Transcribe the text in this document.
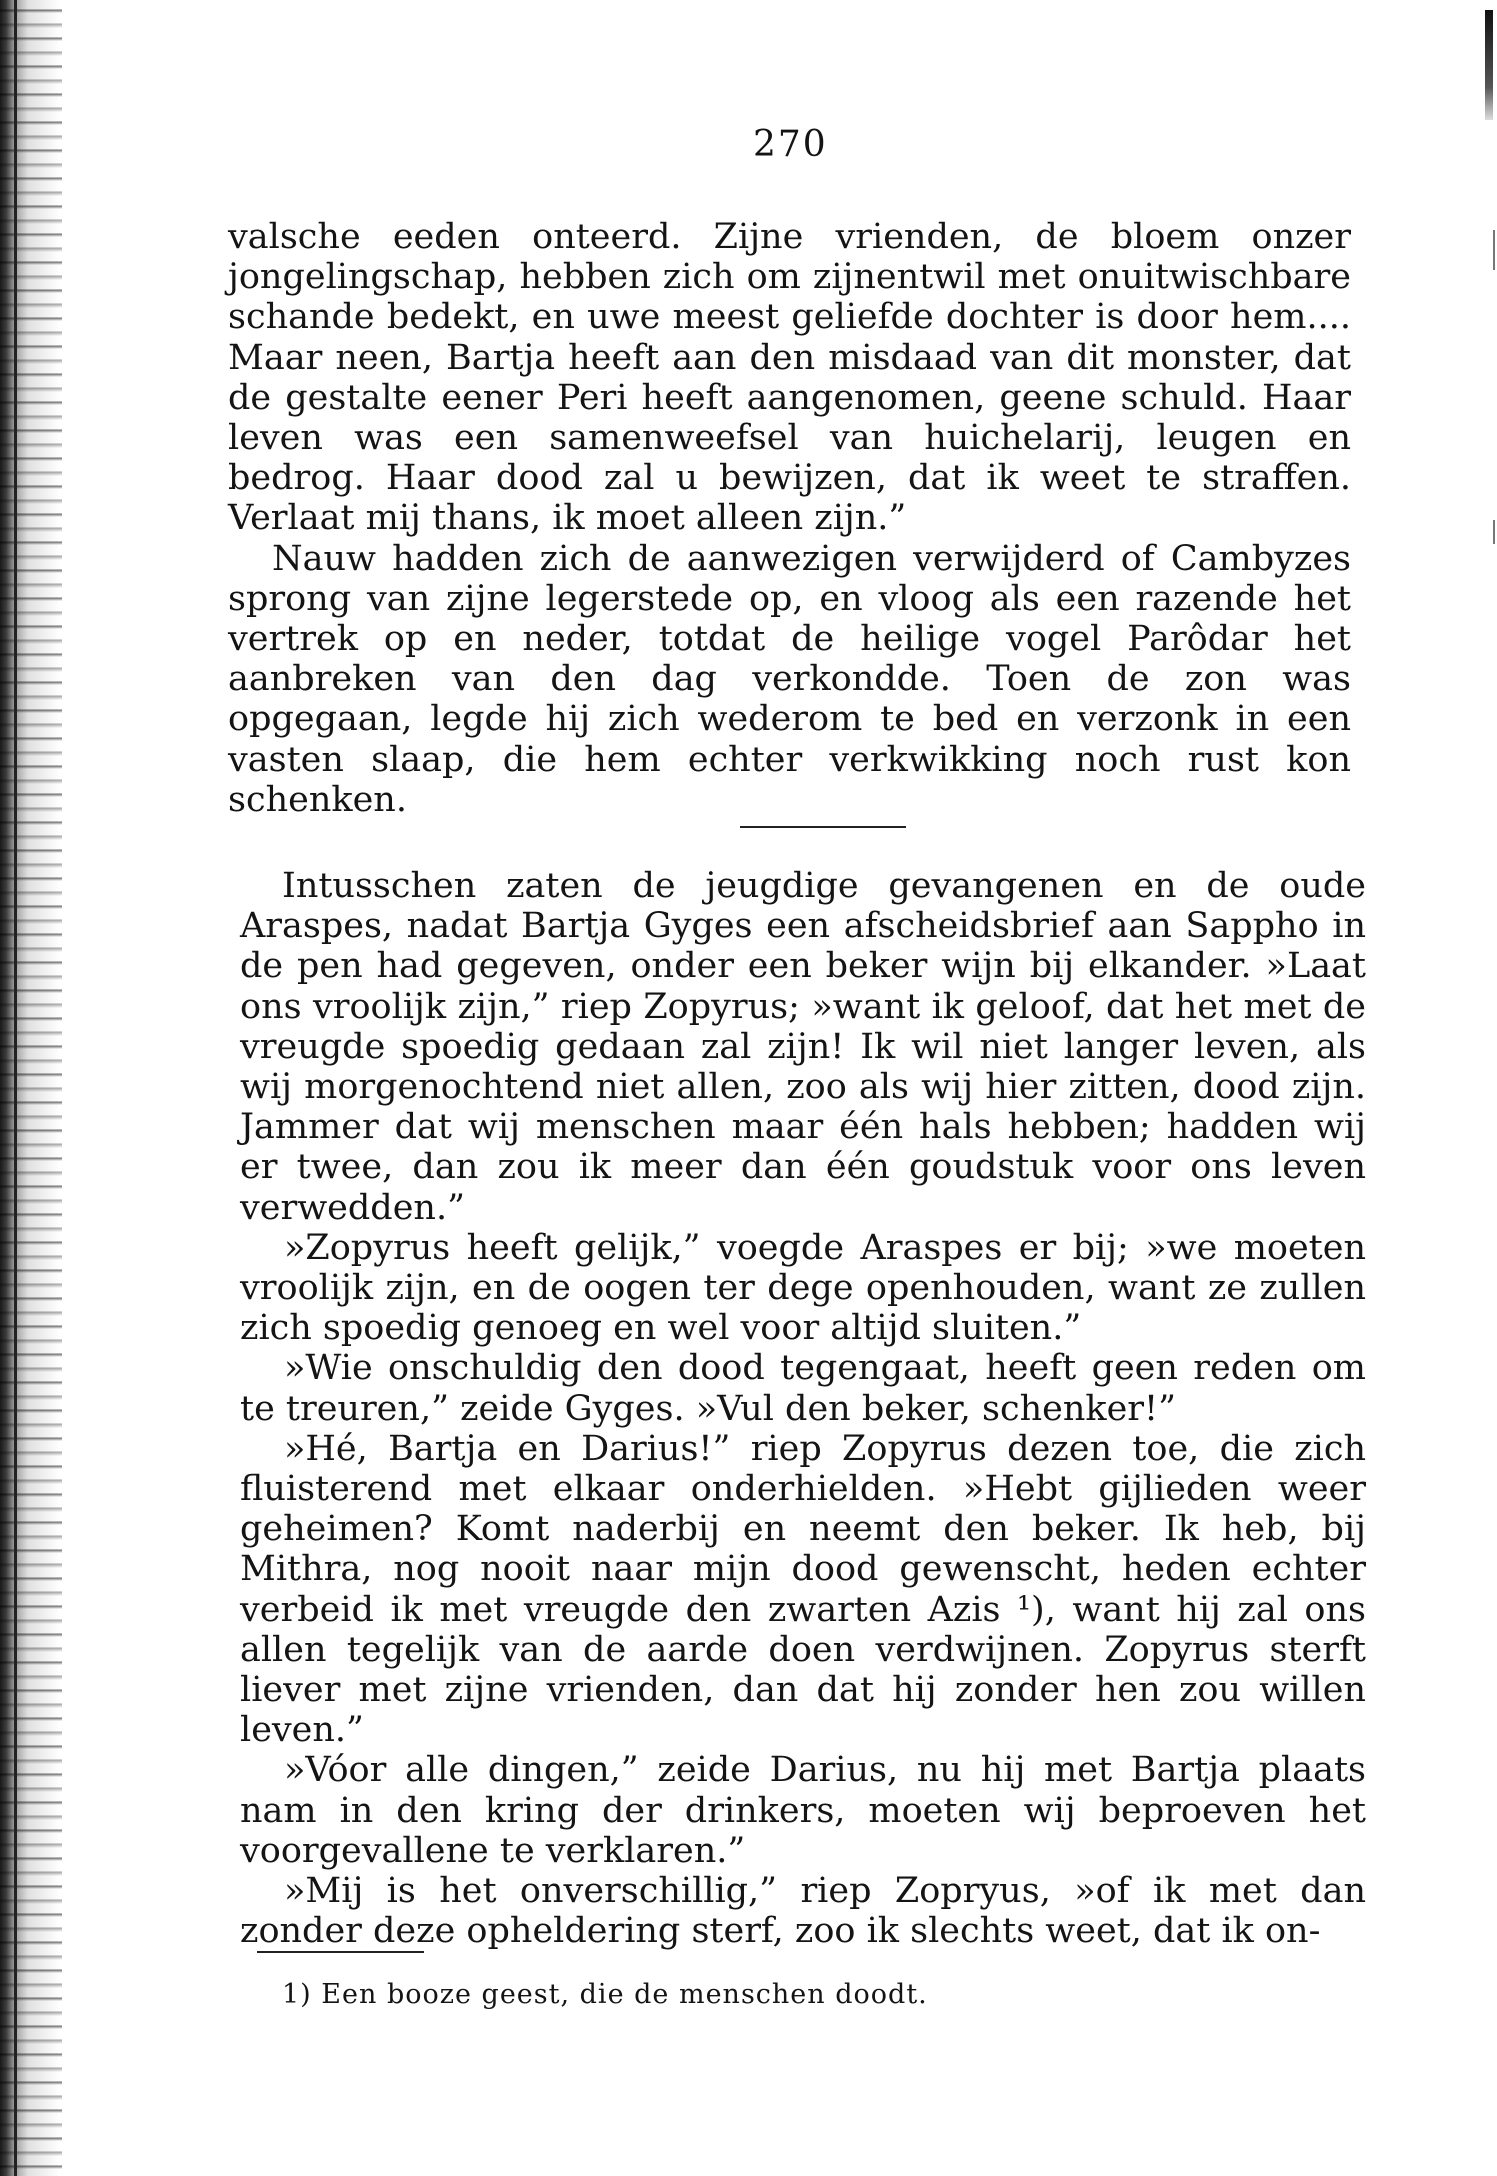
270

valsche eeden onteerd. Zijne vrienden, de bloem onzer jongelingschap, hebben zich om zijnentwil met onuitwischbare schande bedekt, en uwe meest geliefde dochter is door hem.... Maar neen, Bartja heeft aan den misdaad van dit monster, dat de gestalte eener Peri heeft aangenomen, geene schuld. Haar leven was een samenweefsel van huichelarij, leugen en bedrog. Haar dood zal u bewijzen, dat ik weet te straffen. Verlaat mij thans, ik moet alleen zijn.”

Nauw hadden zich de aanwezigen verwijderd of Cambyzes sprong van zijne legerstede op, en vloog als een razende het vertrek op en neder, totdat de heilige vogel Parôdar het aanbreken van den dag verkondde. Toen de zon was opgegaan, legde hij zich wederom te bed en verzonk in een vasten slaap, die hem echter verkwikking noch rust kon schenken.

Intusschen zaten de jeugdige gevangenen en de oude Araspes, nadat Bartja Gyges een afscheidsbrief aan Sappho in de pen had gegeven, onder een beker wijn bij elkander. »Laat ons vroolijk zijn,” riep Zopyrus; »want ik geloof, dat het met de vreugde spoedig gedaan zal zijn! Ik wil niet langer leven, als wij morgenochtend niet allen, zoo als wij hier zitten, dood zijn. Jammer dat wij menschen maar één hals hebben; hadden wij er twee, dan zou ik meer dan één goudstuk voor ons leven verwedden.”

»Zopyrus heeft gelijk,” voegde Araspes er bij; »we moeten vroolijk zijn, en de oogen ter dege openhouden, want ze zullen zich spoedig genoeg en wel voor altijd sluiten.”

»Wie onschuldig den dood tegengaat, heeft geen reden om te treuren,” zeide Gyges. »Vul den beker, schenker!”

»Hé, Bartja en Darius!” riep Zopyrus dezen toe, die zich fluisterend met elkaar onderhielden. »Hebt gijlieden weer geheimen? Komt naderbij en neemt den beker. Ik heb, bij Mithra, nog nooit naar mijn dood gewenscht, heden echter verbeid ik met vreugde den zwarten Azis ¹), want hij zal ons allen tegelijk van de aarde doen verdwijnen. Zopyrus sterft liever met zijne vrienden, dan dat hij zonder hen zou willen leven.”

»Vóor alle dingen,” zeide Darius, nu hij met Bartja plaats nam in den kring der drinkers, moeten wij beproeven het voorgevallene te verklaren.”

»Mij is het onverschillig,” riep Zopryus, »of ik met dan zonder deze opheldering sterf, zoo ik slechts weet, dat ik on-

1) Een booze geest, die de menschen doodt.
